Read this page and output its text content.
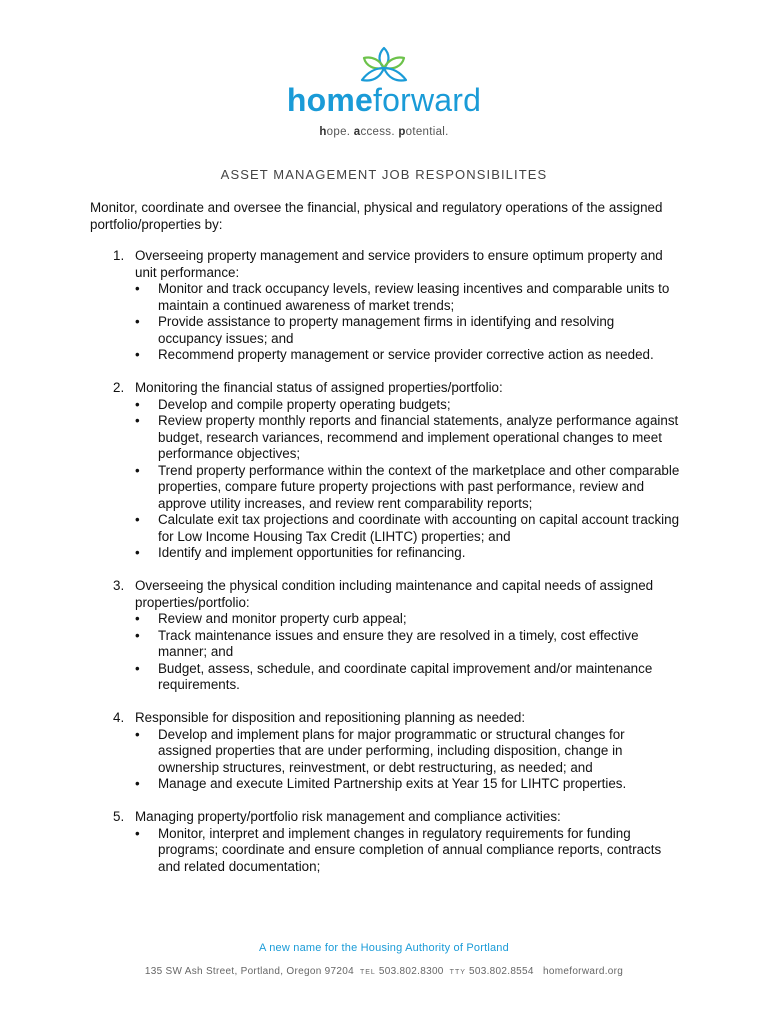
homeforward
hope. access. potential.
ASSET MANAGEMENT JOB RESPONSIBILITES
Monitor, coordinate and oversee the financial, physical and regulatory operations of the assigned portfolio/properties by:
1. Overseeing property management and service providers to ensure optimum property and unit performance:
• Monitor and track occupancy levels, review leasing incentives and comparable units to maintain a continued awareness of market trends;
• Provide assistance to property management firms in identifying and resolving occupancy issues; and
• Recommend property management or service provider corrective action as needed.
2. Monitoring the financial status of assigned properties/portfolio:
• Develop and compile property operating budgets;
• Review property monthly reports and financial statements, analyze performance against budget, research variances, recommend and implement operational changes to meet performance objectives;
• Trend property performance within the context of the marketplace and other comparable properties, compare future property projections with past performance, review and approve utility increases, and review rent comparability reports;
• Calculate exit tax projections and coordinate with accounting on capital account tracking for Low Income Housing Tax Credit (LIHTC) properties; and
• Identify and implement opportunities for refinancing.
3. Overseeing the physical condition including maintenance and capital needs of assigned properties/portfolio:
• Review and monitor property curb appeal;
• Track maintenance issues and ensure they are resolved in a timely, cost effective manner; and
• Budget, assess, schedule, and coordinate capital improvement and/or maintenance requirements.
4. Responsible for disposition and repositioning planning as needed:
• Develop and implement plans for major programmatic or structural changes for assigned properties that are under performing, including disposition, change in ownership structures, reinvestment, or debt restructuring, as needed; and
• Manage and execute Limited Partnership exits at Year 15 for LIHTC properties.
5. Managing property/portfolio risk management and compliance activities:
• Monitor, interpret and implement changes in regulatory requirements for funding programs; coordinate and ensure completion of annual compliance reports, contracts and related documentation;
A new name for the Housing Authority of Portland
135 SW Ash Street, Portland, Oregon 97204 TEL 503.802.8300 TTY 503.802.8554 homeforward.org
